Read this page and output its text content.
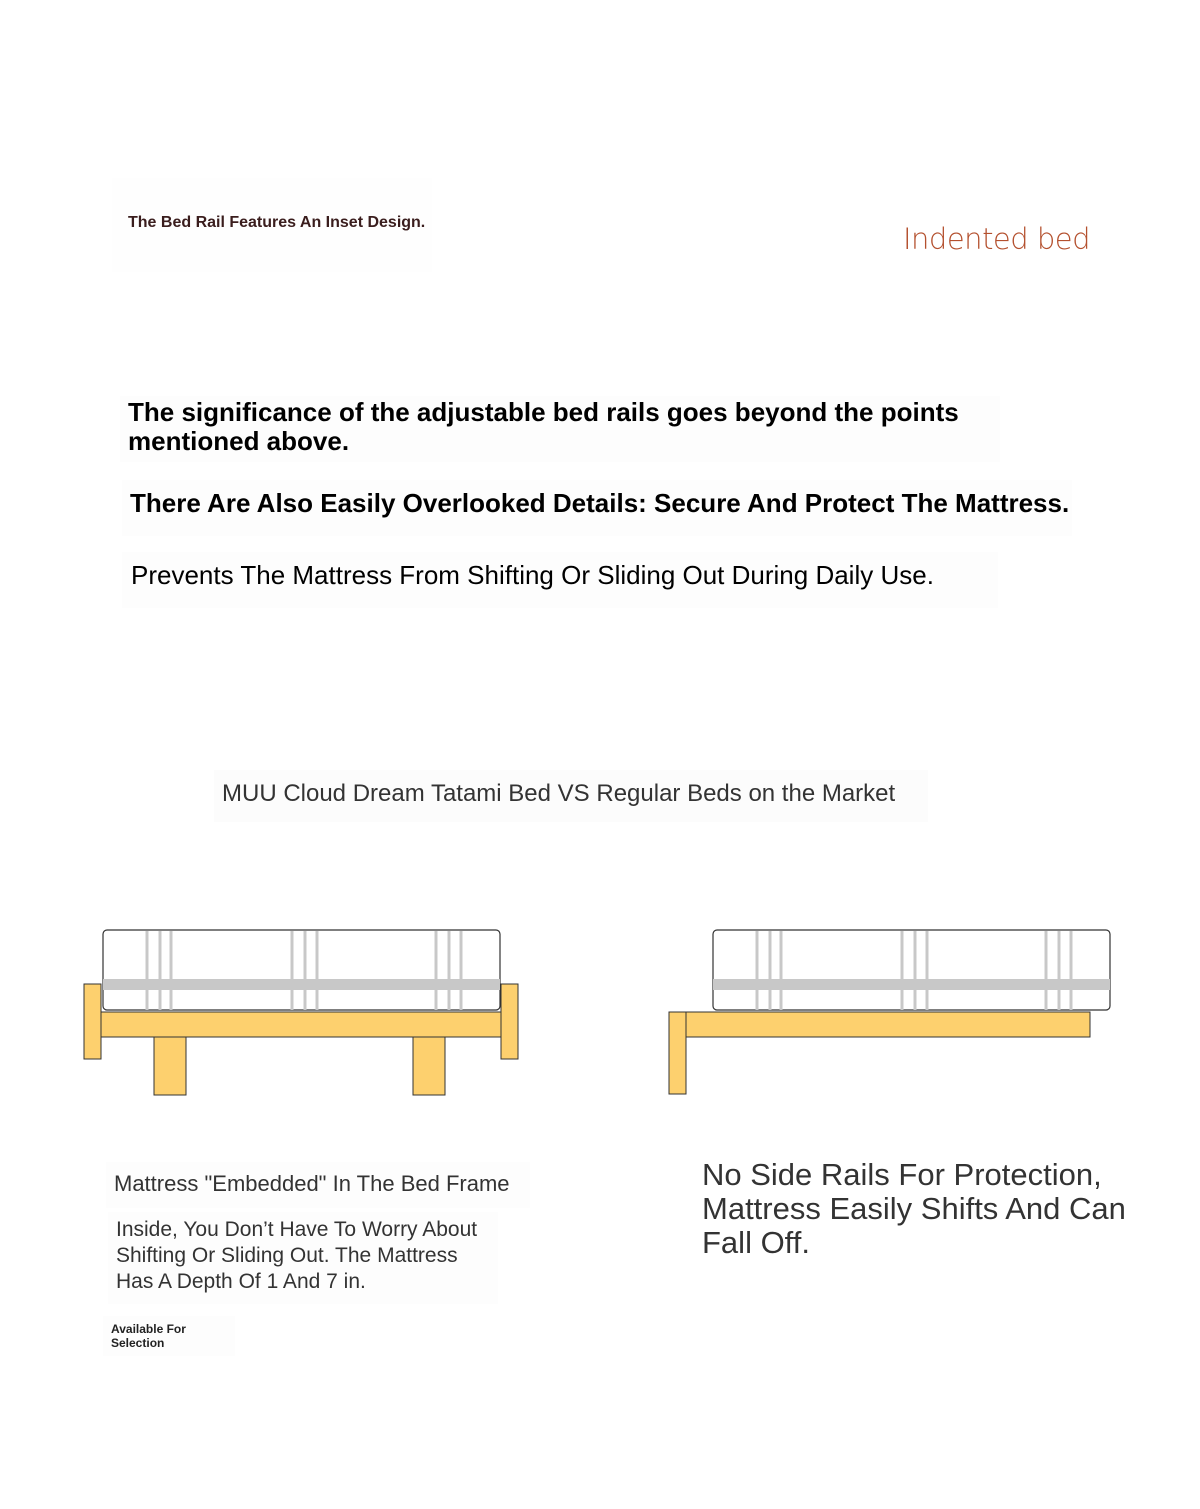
The Bed Rail Features An Inset Design.	Indented bed
The significance of the adjustable bed rails goes beyond the points mentioned above.
There Are Also Easily Overlooked Details: Secure And Protect The Mattress.
Prevents The Mattress From Shifting Or Sliding Out During Daily Use.
MUU Cloud Dream Tatami Bed VS Regular Beds on the Market
Mattress "Embedded" In The Bed Frame
Inside, You Don’t Have To Worry About Shifting Or Sliding Out. The Mattress Has A Depth Of 1 And 7 in.
Available For Selection
No Side Rails For Protection, Mattress Easily Shifts And Can Fall Off.
